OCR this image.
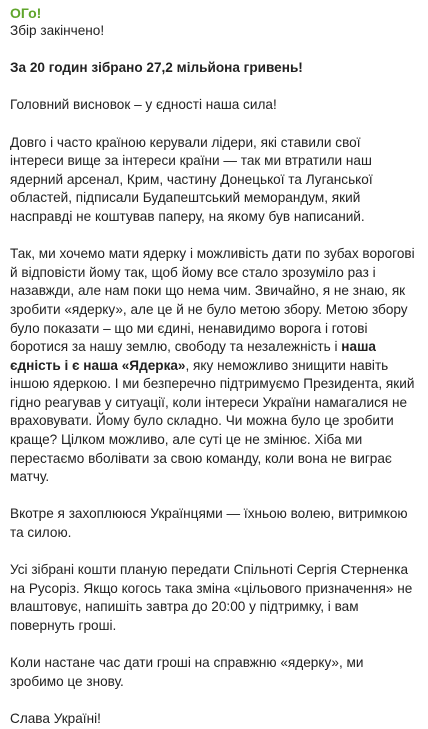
ОГо!
Збір закінчено!
За 20 годин зібрано 27,2 мільйона гривень!
Головний висновок – у єдності наша сила!
Довго і часто країною керували лідери, які ставили свої інтереси вище за інтереси країни — так ми втратили наш ядерний арсенал, Крим, частину Донецької та Луганської областей, підписали Будапештський меморандум, який насправді не коштував паперу, на якому був написаний.
Так, ми хочемо мати ядерку і можливість дати по зубах ворогові й відповісти йому так, щоб йому все стало зрозуміло раз і назавжди, але нам поки що нема чим. Звичайно, я не знаю, як зробити «ядерку», але це й не було метою збору. Метою збору було показати – що ми єдині, ненавидимо ворога і готові боротися за нашу землю, свободу та незалежність і наша єдність і є наша «Ядерка», яку неможливо знищити навіть іншою ядеркою. І ми безперечно підтримуємо Президента, який гідно реагував у ситуації, коли інтереси України намагалися не враховувати. Йому було складно. Чи можна було це зробити краще? Цілком можливо, але суті це не змінює. Хіба ми перестаємо вболівати за свою команду, коли вона не виграє матчу.
Вкотре я захоплююся Українцями — їхньою волею, витримкою та силою.
Усі зібрані кошти планую передати Спільноті Сергія Стерненка на Русоріз. Якщо когось така зміна «цільового призначення» не влаштовує, напишіть завтра до 20:00 у підтримку, і вам повернуть гроші.
Коли настане час дати гроші на справжню «ядерку», ми зробимо це знову.
Слава Україні!
